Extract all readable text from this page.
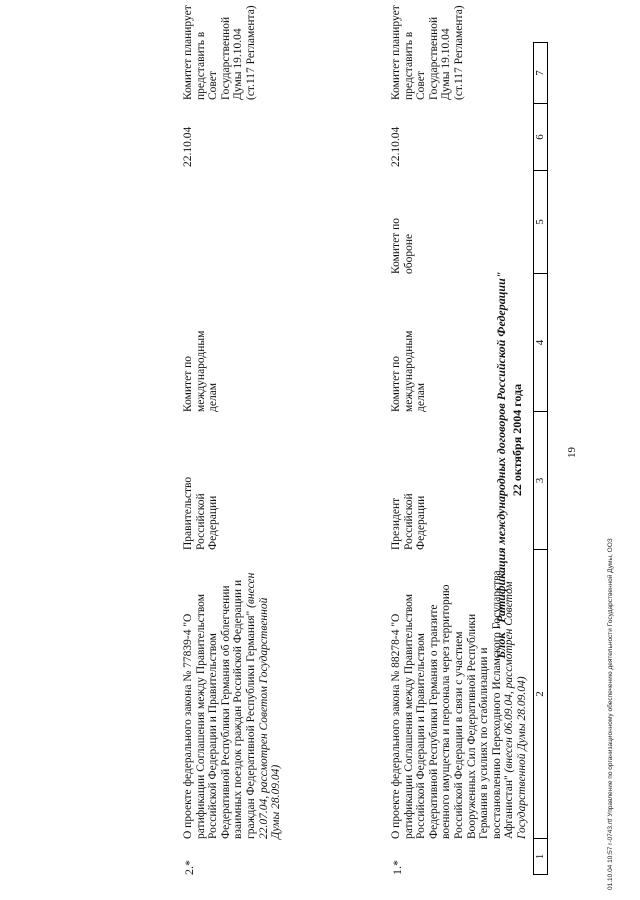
19
1
2
3
4
5
6
7
22 октября 2004 года
Блок "Ратификация международных договоров Российской Федерации"
1.*
О проекте федерального закона № 88278-4 "О ратификации Соглашения между Правительством Российской Федерации и Правительством Федеративной Республики Германия о транзите военного имущества и персонала через территорию Российской Федерации в связи с участием Вооруженных Сил Федеративной Республики Германия в усилиях по стабилизации и восстановлению Переходного Исламского Государства Афганистан" (внесен 06.09.04, рассмотрен Советом Государственной Думы 28.09.04)
Президент Российской Федерации
Комитет по международным делам
Комитет по обороне
22.10.04
Комитет планирует представить в Совет Государственной Думы 19.10.04 (ст.117 Регламента)
2.*
О проекте федерального закона № 77839-4 "О ратификации Соглашения между Правительством Российской Федерации и Правительством Федеративной Республики Германия об облегчении взаимных поездок граждан Российской Федерации и граждан Федеративной Республики Германия" (внесен 22.07.04, рассмотрен Советом Государственной Думы 28.09.04)
Правительство Российской Федерации
Комитет по международным делам
22.10.04
Комитет планирует представить в Совет Государственной Думы 19.10.04 (ст.117 Регламента)
01.10.04 10:57 r-0743.rtf Управление по организационному обеспечению деятельности Государственной Думы, ООЗ
